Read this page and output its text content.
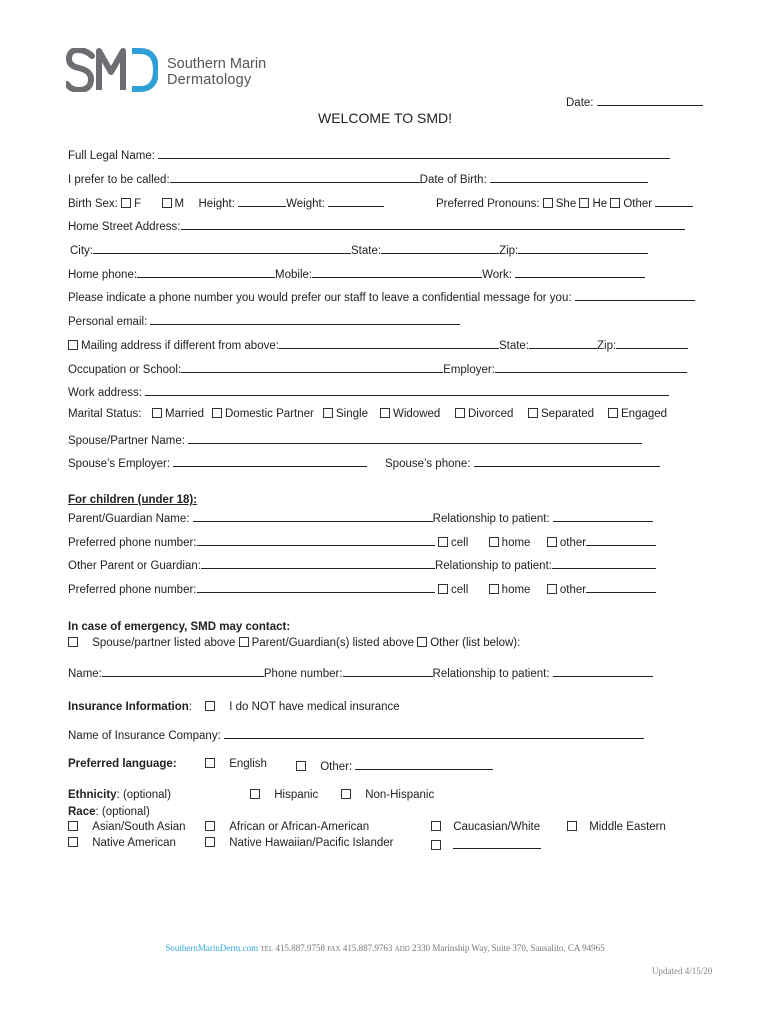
Southern Marin
Dermatology
Date:
WELCOME TO SMD!
Full Legal Name:
I prefer to be called:	Date of Birth:
Birth Sex: F	M Height:	Weight:	Preferred Pronouns: She He Other
Home Street Address:
City:	State:	Zip:
Home phone:	Mobile:	Work:
Please indicate a phone number you would prefer our staff to leave a confidential message for you:
Personal email:
Mailing address if different from above:	State:	Zip:
Occupation or School:	Employer:
Work address:
Marital Status:	Married	Domestic Partner	Single	Widowed	Divorced	Separated	Engaged
Spouse/Partner Name:
Spouse’s Employer:	Spouse’s phone:
For children (under 18):
Parent/Guardian Name:	Relationship to patient:
Preferred phone number:	cell	home	other
Other Parent or Guardian:	Relationship to patient:
Preferred phone number:	cell	home	other
In case of emergency, SMD may contact:
Spouse/partner listed above Parent/Guardian(s) listed above Other (list below):
Name:	Phone number:	Relationship to patient:
Insurance Information:	I do NOT have medical insurance
Name of Insurance Company:
Preferred language:	English	Other:
Ethnicity: (optional)	Hispanic	Non-Hispanic
Race: (optional)
Asian/South Asian	African or African-American	Caucasian/White	Middle Eastern
Native American	Native Hawaiian/Pacific Islander

SouthernMarinDerm.com TEL 415.887.9758 FAX 415.887.9763 ADD 2330 Marinship Way, Suite 370, Sausalito, CA 94965
Updated 4/15/20
